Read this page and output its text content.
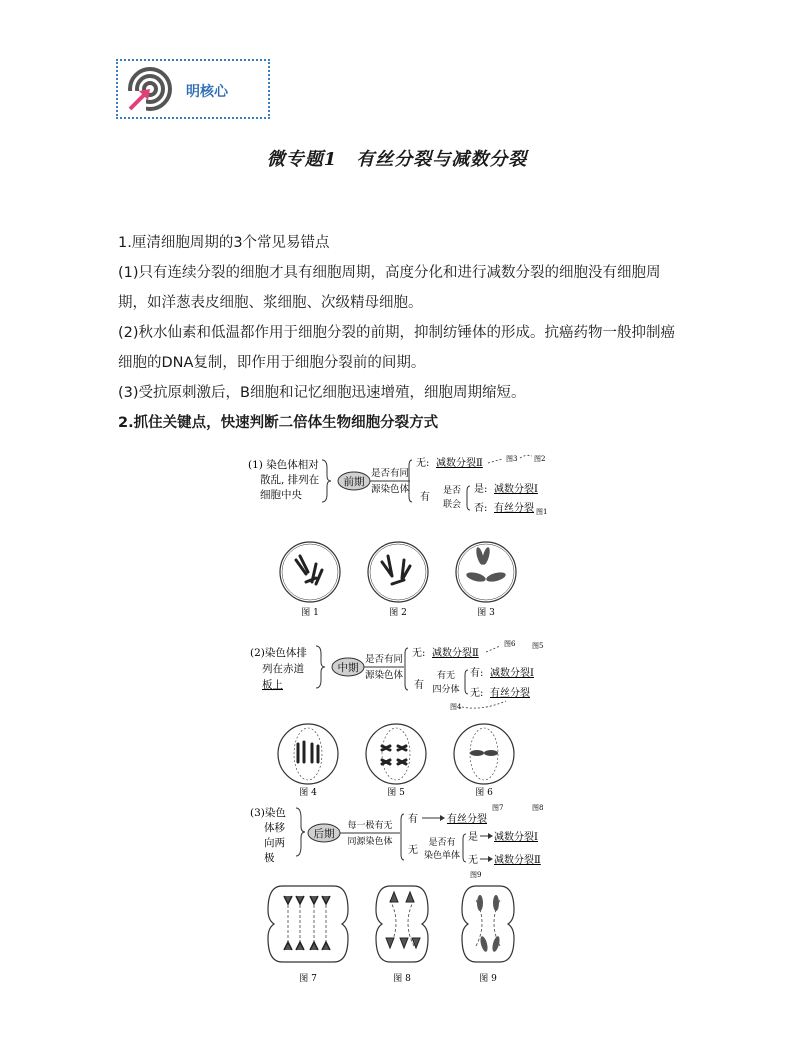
明核心
微专题1　有丝分裂与减数分裂

1.厘清细胞周期的3个常见易错点

(1)只有连续分裂的细胞才具有细胞周期，高度分化和进行减数分裂的细胞没有细胞周期，如洋葱表皮细胞、浆细胞、次级精母细胞。

(2)秋水仙素和低温都作用于细胞分裂的前期，抑制纺锤体的形成。抗癌药物一般抑制癌细胞的DNA复制，即作用于细胞分裂前的间期。

(3)受抗原刺激后，B细胞和记忆细胞迅速增殖，细胞周期缩短。

2.抓住关键点，快速判断二倍体生物细胞分裂方式

(1) 染色体相对
散乱, 排列在
细胞中央
前期
是否有同
源染色体
无: 减数分裂Ⅱ	图3 图2
有
是否
联会
是: 减数分裂Ⅰ
否: 有丝分裂 图1
图 1	图 2	图 3
(2)染色体排
列在赤道
板上
中期
是否有同
源染色体
无: 减数分裂Ⅱ
图6 图5
有
有无
四分体
有: 减数分裂Ⅰ
无: 有丝分裂
图4
图 4	图 5	图 6
(3)染色
体移
向两
极
后期
每一极有无
同源染色体
有	有丝分裂
图7	图8
无
是否有
染色单体
是 减数分裂Ⅰ
无 减数分裂Ⅱ
图9
图 7	图 8	图 9
